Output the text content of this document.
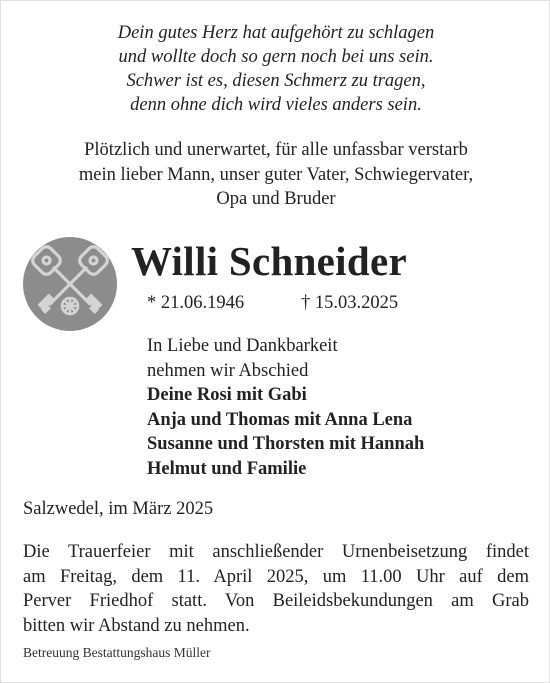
Dein gutes Herz hat aufgehört zu schlagen
und wollte doch so gern noch bei uns sein.
Schwer ist es, diesen Schmerz zu tragen,
denn ohne dich wird vieles anders sein.
Plötzlich und unerwartet, für alle unfassbar verstarb
mein lieber Mann, unser guter Vater, Schwiegervater,
Opa und Bruder
Willi Schneider
* 21.06.1946	† 15.03.2025
In Liebe und Dankbarkeit
nehmen wir Abschied
Deine Rosi mit Gabi
Anja und Thomas mit Anna Lena
Susanne und Thorsten mit Hannah
Helmut und Familie
Salzwedel, im März 2025
Die Trauerfeier mit anschließender Urnenbeisetzung findet
am Freitag, dem 11. April 2025, um 11.00 Uhr auf dem
Perver Friedhof statt. Von Beileidsbekundungen am Grab
bitten wir Abstand zu nehmen.
Betreuung Bestattungshaus Müller
